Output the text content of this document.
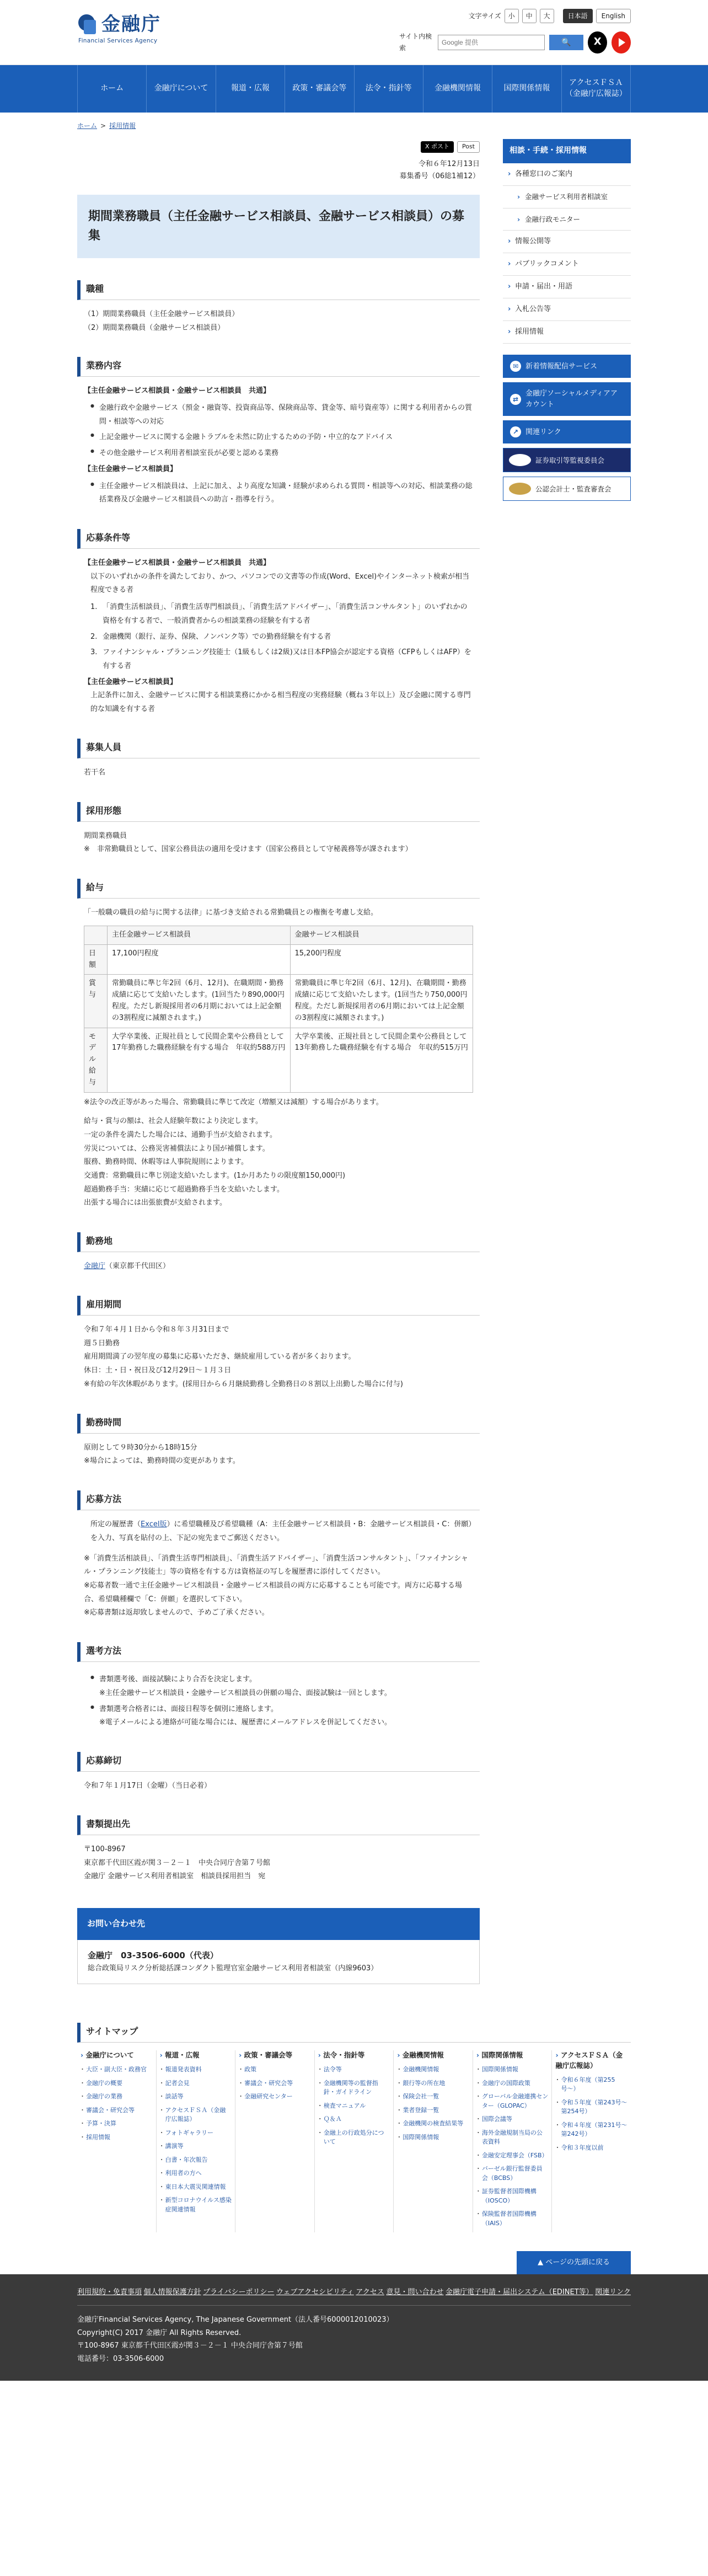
金融庁
Financial Services Agency
文字サイズ	小	中	大	日本語	English
サイト内検索
Google 提供
🔍	X
ホーム	金融庁について	報道・広報	政策・審議会等	法令・指針等	金融機関情報	国際関係情報
アクセスＦＳＡ（金融庁広報誌）
ホーム > 採用情報
X ポスト	Post
令和６年12月13日
募集番号（06総1補12）
期間業務職員（主任金融サービス相談員、金融サービス相談員）の募集
職種

（1）期間業務職員（主任金融サービス相談員）

（2）期間業務職員（金融サービス相談員）

業務内容

【主任金融サービス相談員・金融サービス相談員　共通】

● 金融行政や金融サービス（預金・融資等、投資商品等、保険商品等、貸金等、暗号資産等）に関する利用者からの質問・相談等への対応
● 上記金融サービスに関する金融トラブルを未然に防止するための予防・中立的なアドバイス
● その他金融サービス利用者相談室長が必要と認める業務

【主任金融サービス相談員】

● 主任金融サービス相談員は、上記に加え、より高度な知識・経験が求められる質問・相談等への対応、相談業務の総括業務及び金融サービス相談員への助言・指導を行う。
応募条件等

【主任金融サービス相談員・金融サービス相談員　共通】

以下のいずれかの条件を満たしており、かつ、パソコンでの文書等の作成(Word、Excel)やインターネット検索が相当程度できる者

1. 「消費生活相談員」、「消費生活専門相談員」、「消費生活アドバイザー」、「消費生活コンサルタント」のいずれかの資格を有する者で、一般消費者からの相談業務の経験を有する者
2. 金融機関（銀行、証券、保険、ノンバンク等）での勤務経験を有する者
3. ファイナンシャル・プランニング技能士（1級もしくは2級)又は日本FP協会が認定する資格（CFPもしくはAFP）を有する者

【主任金融サービス相談員】

上記条件に加え、金融サービスに関する相談業務にかかる相当程度の実務経験（概ね３年以上）及び金融に関する専門的な知識を有する者

募集人員

若干名

採用形態

期間業務職員

※　非常勤職員として、国家公務員法の適用を受けます（国家公務員として守秘義務等が課されます）

給与

「一般職の職員の給与に関する法律」に基づき支給される常勤職員との権衡を考慮し支給。

	主任金融サービス相談員	金融サービス相談員
日額	17,100円程度	15,200円程度
賞与	常勤職員に準じ年2回（6月、12月)、在職期間・勤務成績に応じて支給いたします。(1回当たり890,000円程度。ただし新規採用者の6月期においては上記金額の3割程度に減額されます。)	常勤職員に準じ年2回（6月、12月)、在職期間・勤務成績に応じて支給いたします。(1回当たり750,000円程度。ただし新規採用者の6月期においては上記金額の3割程度に減額されます。)
モデル給与	大学卒業後、正規社員として民間企業や公務員として17年勤務した職務経験を有する場合　年収約588万円	大学卒業後、正規社員として民間企業や公務員として13年勤務した職務経験を有する場合　年収約515万円

※法令の改正等があった場合、常勤職員に準じて改定（増額又は減額）する場合があります。

給与・賞与の額は、社会人経験年数により決定します。

一定の条件を満たした場合には、通勤手当が支給されます。

労災については、公務災害補償法により国が補償します。

服務、勤務時間、休暇等は人事院規則によります。

交通費：常勤職員に準じ別途支給いたします。(1か月あたりの限度額150,000円)

超過勤務手当：実績に応じて超過勤務手当を支給いたします。

出張する場合には出張旅費が支給されます。

勤務地

金融庁（東京都千代田区）

雇用期間

令和７年４月１日から令和８年３月31日まで

週５日勤務

雇用期間満了の翌年度の募集に応募いただき、継続雇用している者が多くおります。

休日：土・日・祝日及び12月29日～１月３日

※有給の年次休暇があります。(採用日から６月継続勤務し全勤務日の８割以上出勤した場合に付与)

勤務時間

原則として９時30分から18時15分

※場合によっては、勤務時間の変更があります。

応募方法

所定の履歴書（Excel版）に希望職種及び希望職種（A：主任金融サービス相談員・B：金融サービス相談員・C：併願）を入力、写真を貼付の上、下記の宛先までご郵送ください。

※「消費生活相談員」、「消費生活専門相談員」、「消費生活アドバイザー」、「消費生活コンサルタント」、「ファイナンシャル・プランニング技能士」等の資格を有する方は資格証の写しを履歴書に添付してください。

※応募者数一通で主任金融サービス相談員・金融サービス相談員の両方に応募することも可能です。両方に応募する場合、希望職種欄で「C：併願」を選択して下さい。

※応募書類は返却致しませんので、予めご了承ください。

選考方法
● 書類選考後、面接試験により合否を決定します。
※主任金融サービス相談員・金融サービス相談員の併願の場合、面接試験は一回とします。
● 書類選考合格者には、面接日程等を個別に連絡します。
※電子メールによる連絡が可能な場合には、履歴書にメールアドレスを併記してください。
応募締切

令和７年１月17日（金曜）（当日必着）

書類提出先

〒100-8967

東京都千代田区霞が関３－２－１　中央合同庁舎第７号館

金融庁 金融サービス利用者相談室　相談員採用担当　宛

お問い合わせ先

金融庁　03-3506-6000（代表）

総合政策局リスク分析総括課コンダクト監理官室金融サービス利用者相談室（内線9603）

相談・手続・採用情報
› 各種窓口のご案内
› 金融サービス利用者相談室
› 金融行政モニター
› 情報公開等
› パブリックコメント
› 申請・届出・用語
› 入札公告等
› 採用情報
✉ 新着情報配信サービス
⇄
金融庁ソーシャルメディアアカウント
↗ 関連リンク
証券取引等監視委員会
公認会計士・監査審査会
サイトマップ
› 金融庁について
・ 大臣・副大臣・政務官
・ 金融庁の概要
・ 金融庁の業務
・ 審議会・研究会等
・ 予算・決算
・ 採用情報
› 報道・広報
・ 報道発表資料
・ 記者会見
・ 談話等
・ アクセスＦＳＡ（金融庁広報誌）
・ フォトギャラリー
・ 講演等
・ 白書・年次報告
・ 利用者の方へ
・ 東日本大震災関連情報
・ 新型コロナウイルス感染症関連情報
› 政策・審議会等
・ 政策
・ 審議会・研究会等
・ 金融研究センター
› 法令・指針等
・ 法令等
・ 金融機関等の監督指針・ガイドライン
・ 検査マニュアル
・ Ｑ＆Ａ
・ 金融上の行政処分について
› 金融機関情報
・ 金融機関情報
・ 銀行等の所在地
・ 保険会社一覧
・ 業者登録一覧
・ 金融機関の検査結果等
・ 国際関係情報
› 国際関係情報
・ 国際関係情報
・ 金融庁の国際政策
・ グローバル金融連携センター（GLOPAC）
・ 国際会議等
・ 海外金融規制当局の公表資料
・ 金融安定理事会（FSB）
・ バーゼル銀行監督委員会（BCBS）
・ 証券監督者国際機構（IOSCO）
・ 保険監督者国際機構（IAIS）
› アクセスＦＳＡ（金融庁広報誌）
・ 令和６年度（第255号〜）
・ 令和５年度（第243号〜第254号）
・ 令和４年度（第231号〜第242号）
・ 令和３年度以前
▲ ページの先頭に戻る
利用規約・免責事項 個人情報保護方針 プライバシーポリシー ウェブアクセシビリティ アクセス 意見・問い合わせ 金融庁電子申請・届出システム（EDINET等） 関連リンク

金融庁Financial Services Agency, The Japanese Government（法人番号6000012010023）

Copyright(C) 2017 金融庁 All Rights Reserved.

〒100-8967 東京都千代田区霞が関３－２－１ 中央合同庁舎第７号館

電話番号：03-3506-6000
